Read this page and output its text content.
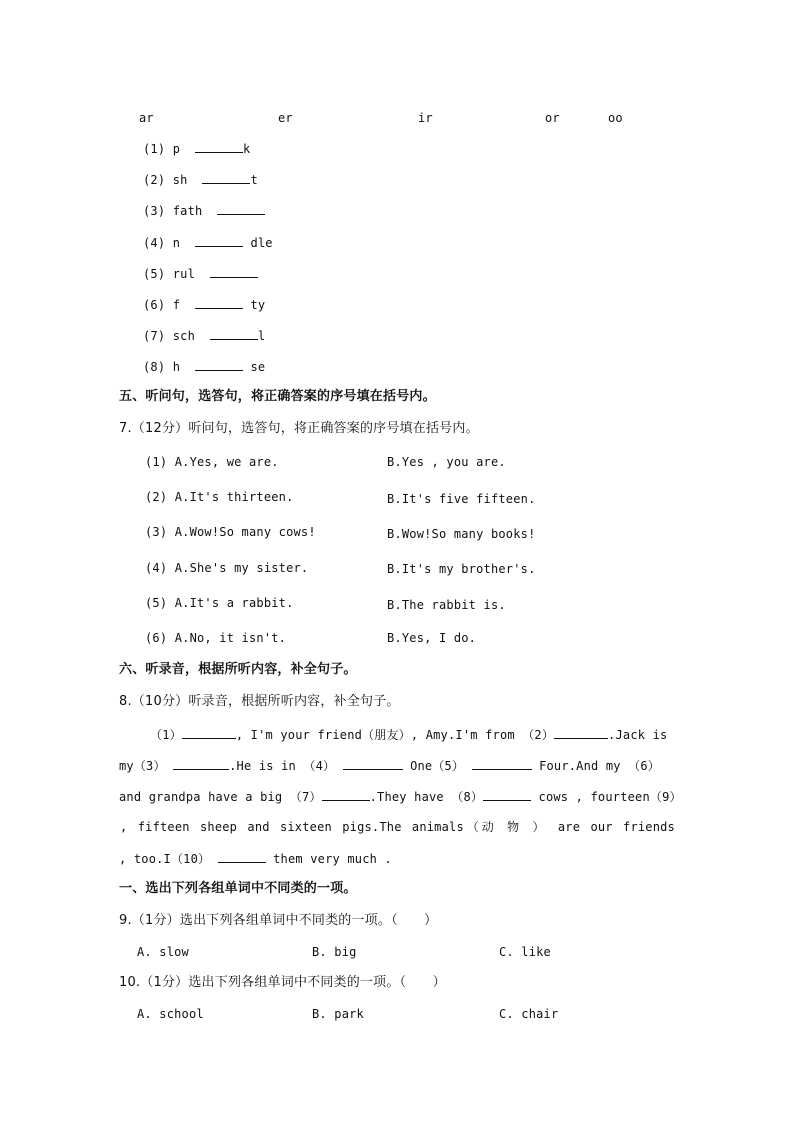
ar	er	ir	or	oo
(1) p	k
(2) sh	t
(3) fath
(4) n	dle
(5) rul
(6) f	ty
(7) sch	l
(8) h	se
五、听问句，选答句，将正确答案的序号填在括号内。
7.（12分）听问句，选答句，将正确答案的序号填在括号内。
(1) A.Yes, we are.	B.Yes , you are.
(2) A.It's thirteen.	B.It's five fifteen.
(3) A.Wow!So many cows!	B.Wow!So many books!
(4) A.She's my sister.	B.It's my brother's.
(5) A.It's a rabbit.	B.The rabbit is.
(6) A.No, it isn't.	B.Yes, I do.
六、听录音，根据所听内容，补全句子。
8.（10分）听录音，根据所听内容，补全句子。
（1）	, I'm your friend（朋友）, Amy.I'm from （2）	.Jack is
my（3）	.He is in （4）	One（5）	Four.And my （6）
and grandpa have a big （7）	.They have （8）	cows , fourteen（9）
, fifteen sheep and sixteen pigs.The animals（动 物 ） are our friends
, too.I（10）	them very much .
一、选出下列各组单词中不同类的一项。
9.（1分）选出下列各组单词中不同类的一项。（　　）
A. slow	B. big	C. like
10.（1分）选出下列各组单词中不同类的一项。（　　）
A. school	B. park	C. chair
